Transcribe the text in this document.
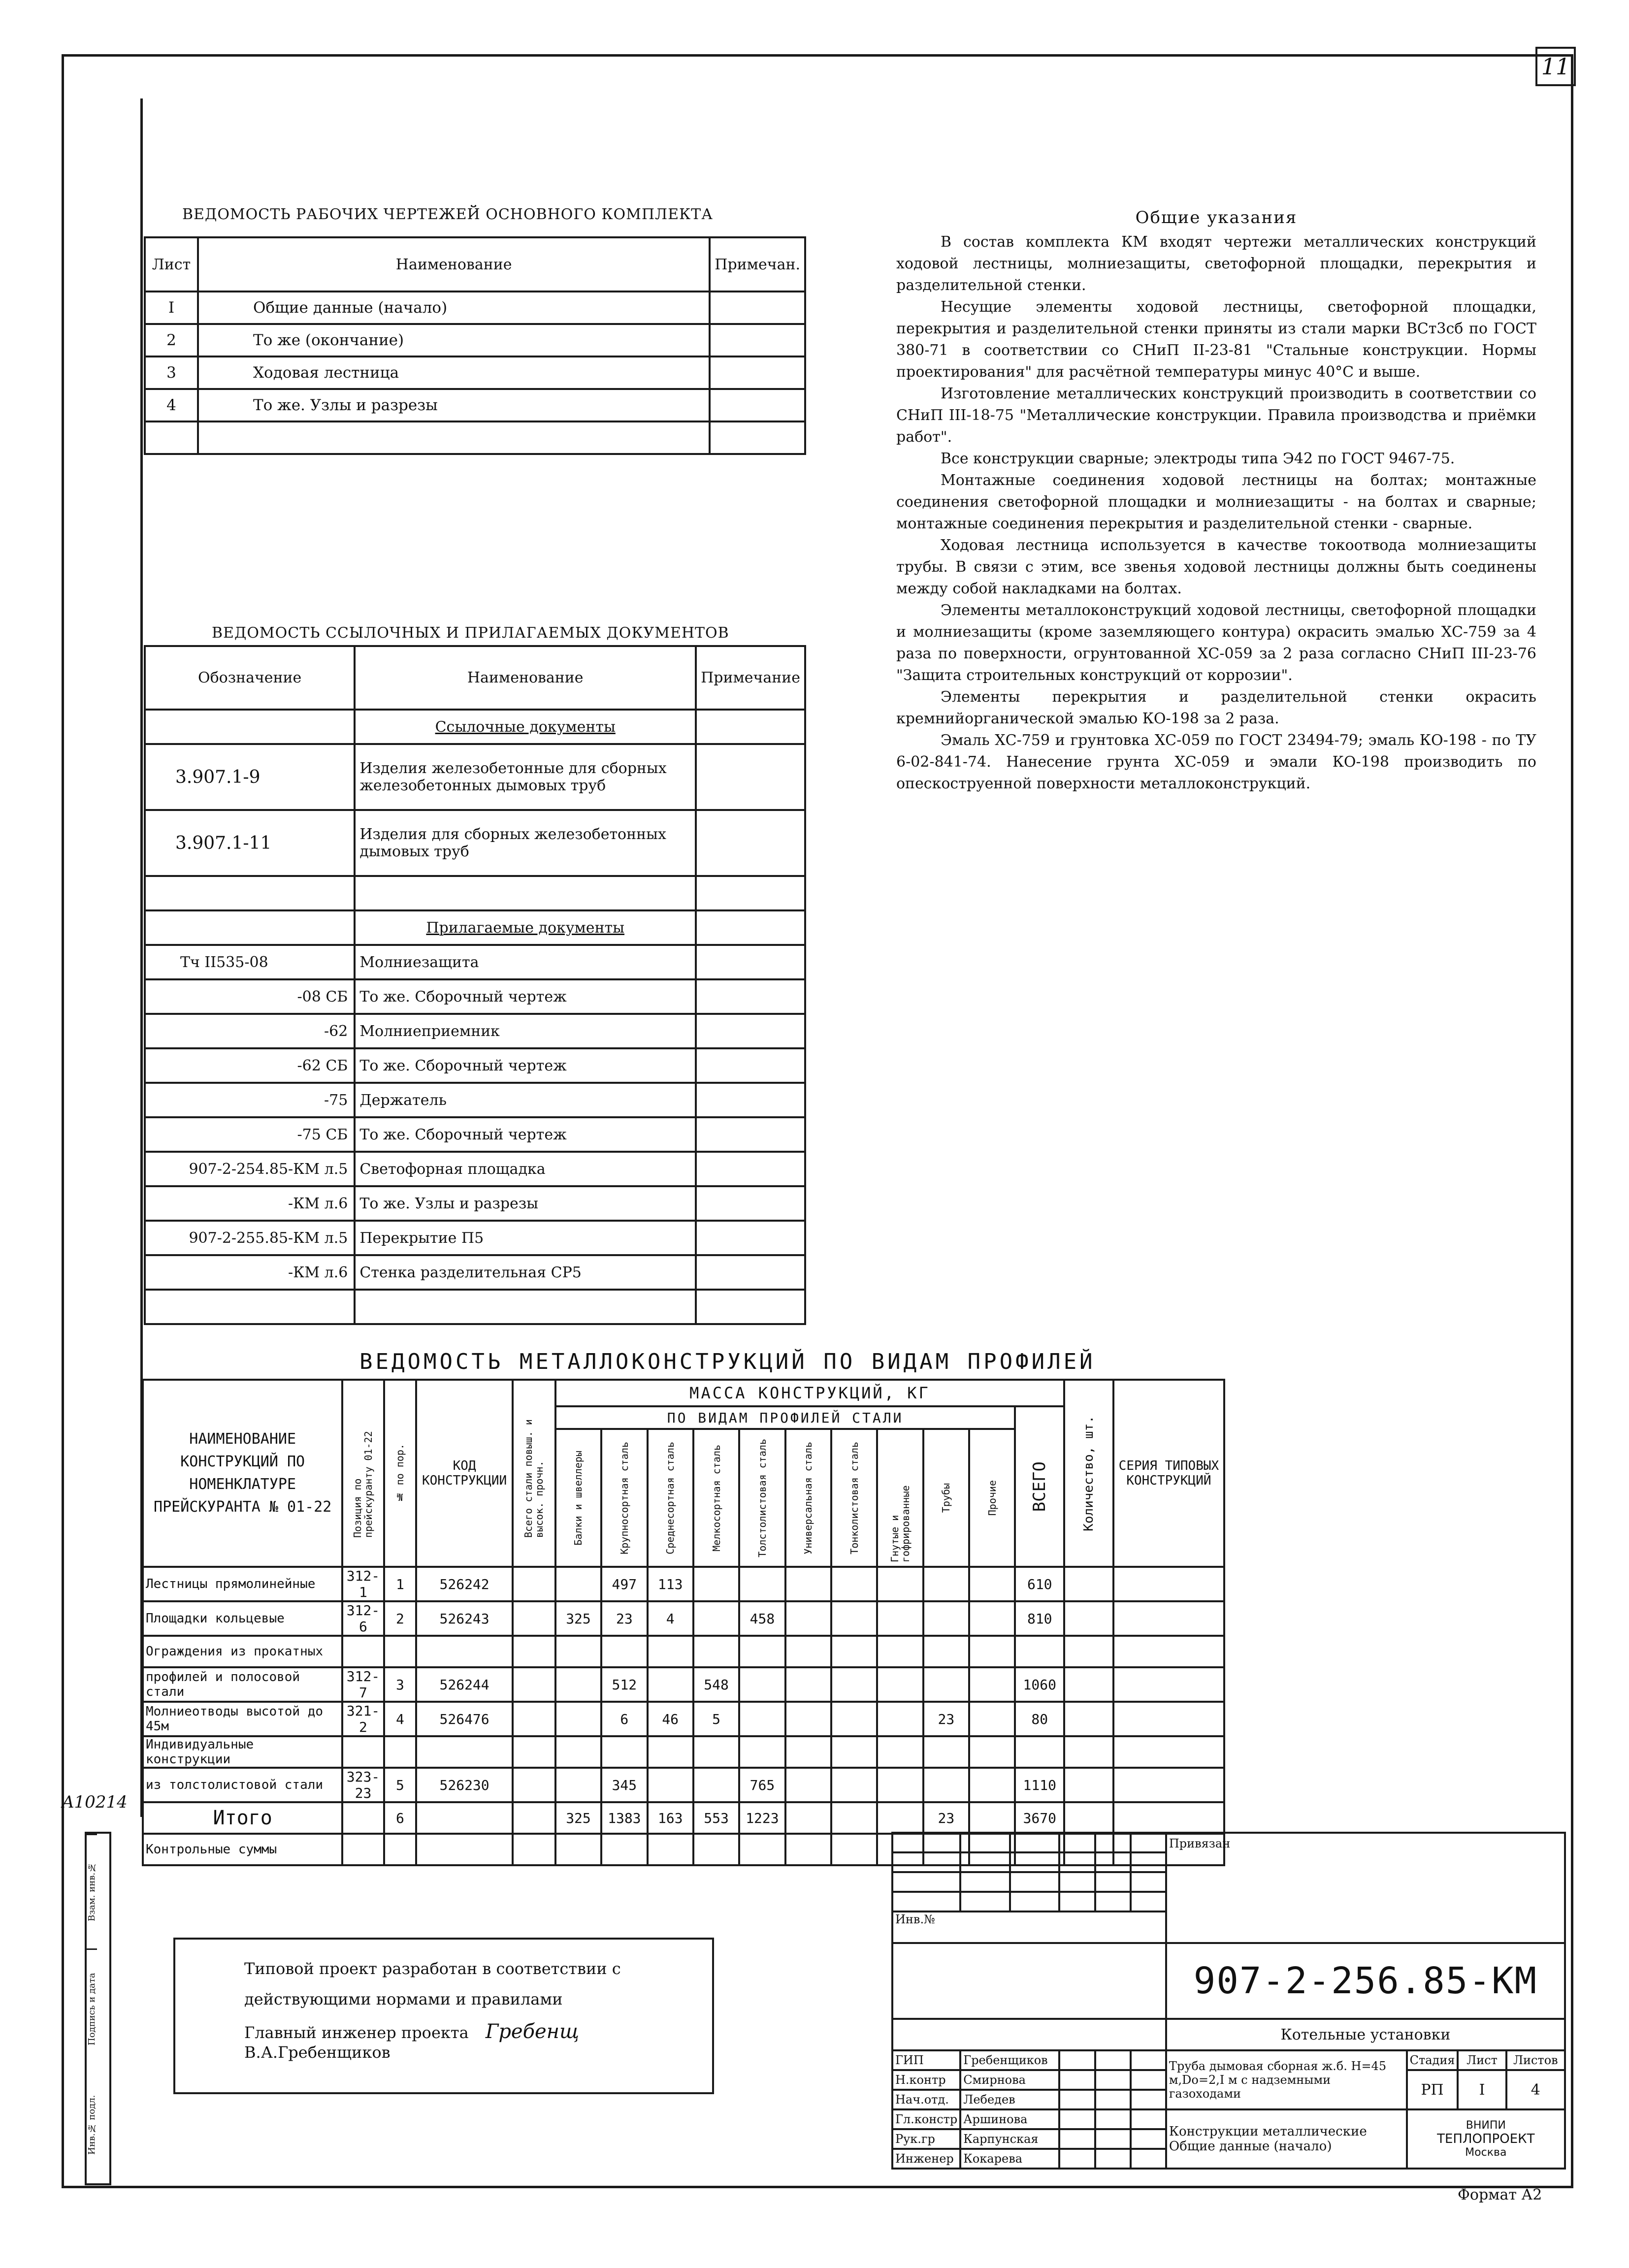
11
A10214
Взам. инв.№
Подпись и дата
Инв.№ подл.
ВЕДОМОСТЬ РАБОЧИХ ЧЕРТЕЖЕЙ ОСНОВНОГО КОМПЛЕКТА
Лист	Наименование	Примечан.
I	Общие данные (начало)	
2	То же (окончание)	
3	Ходовая лестница	
4	То же. Узлы и разрезы	

ВЕДОМОСТЬ ССЫЛОЧНЫХ И ПРИЛАГАЕМЫХ ДОКУМЕНТОВ
Обозначение	Наименование	Примечание
	Ссылочные документы	
3.907.1-9	Изделия железобетонные для сборных железобетонных дымовых труб	
3.907.1-11	Изделия для сборных железобетонных дымовых труб	

	Прилагаемые документы	
Тч II535-08	Молниезащита	
-08 СБ	То же. Сборочный чертеж	
-62	Молниеприемник	
-62 СБ	То же. Сборочный чертеж	
-75	Держатель	
-75 СБ	То же. Сборочный чертеж	
907-2-254.85-КМ л.5	Светофорная площадка	
-КМ л.6	То же. Узлы и разрезы	
907-2-255.85-КМ л.5	Перекрытие П5	
-КМ л.6	Стенка разделительная СР5	

Общие указания

В состав комплекта КМ входят чертежи металлических конструкций ходовой лестницы, молниезащиты, светофорной площадки, перекрытия и разделительной стенки.

Несущие элементы ходовой лестницы, светофорной площадки, перекрытия и разделительной стенки приняты из стали марки ВСт3сб по ГОСТ 380-71 в соответствии со СНиП II-23-81 "Стальные конструкции. Нормы проектирования" для расчётной температуры минус 40°С и выше.

Изготовление металлических конструкций производить в соответствии со СНиП III-18-75 "Металлические конструкции. Правила производства и приёмки работ".

Все конструкции сварные; электроды типа Э42 по ГОСТ 9467-75.

Монтажные соединения ходовой лестницы на болтах; монтажные соединения светофорной площадки и молниезащиты - на болтах и сварные; монтажные соединения перекрытия и разделительной стенки - сварные.

Ходовая лестница используется в качестве токоотвода молниезащиты трубы. В связи с этим, все звенья ходовой лестницы должны быть соединены между собой накладками на болтах.

Элементы металлоконструкций ходовой лестницы, светофорной площадки и молниезащиты (кроме заземляющего контура) окрасить эмалью ХС-759 за 4 раза по поверхности, огрунтованной ХС-059 за 2 раза согласно СНиП III-23-76 "Защита строительных конструкций от коррозии".

Элементы перекрытия и разделительной стенки окрасить кремнийорганической эмалью КО-198 за 2 раза.

Эмаль ХС-759 и грунтовка ХС-059 по ГОСТ 23494-79; эмаль КО-198 - по ТУ 6-02-841-74. Нанесение грунта ХС-059 и эмали КО-198 производить по опескоструенной поверхности металлоконструкций.

ВЕДОМОСТЬ МЕТАЛЛОКОНСТРУКЦИЙ ПО ВИДАМ ПРОФИЛЕЙ
НАИМЕНОВАНИЕ КОНСТРУКЦИЙ ПО НОМЕНКЛАТУРЕ ПРЕЙСКУРАНТА № 01-22	Позиция по прейскуранту 01-22	№ по пор.	КОД КОНСТРУКЦИИ	Всего стали повыш. и высок. прочн.	МАССА КОНСТРУКЦИЙ, КГ											Количество, шт.	СЕРИЯ ТИПОВЫХ КОНСТРУКЦИЙ
					ПО ВИДАМ ПРОФИЛЕЙ СТАЛИ										ВСЕГО		

					Балки и швеллеры	Крупносортная сталь	Среднесортная сталь	Мелкосортная сталь	Толстолистовая сталь	Универсальная сталь	Тонколистовая сталь	Гнутые и гофрированные	Трубы	Прочие			

Лестницы прямолинейные	312-1	1	526242			497	113								610		
Площадки кольцевые	312-6	2	526243		325	23	4		458						810		
Ограждения из прокатных																	
профилей и полосовой стали	312-7	3	526244			512		548							1060		
Молниеотводы высотой до 45м	321-2	4	526476			6	46	5					23		80		
Индивидуальные конструкции																	
из толстолистовой стали	323-23	5	526230			345			765						1110		
Итого		6			325	1383	163	553	1223				23		3670		
Контрольные суммы																	
Типовой проект разработан в соответствии с
действующими нормами и правилами
Главный инженер проекта Гребенщ В.А.Гребенщиков
						Привязан			

Инв.№									
						907-2-256.85-КМ			
						Котельные установки			
ГИП	Гребенщиков					Труба дымовая сборная ж.б. Н=45 м,Dо=2,I м с надземными газоходами	Стадия	Лист	Листов
Н.контр	Смирнова						РП	I	4
Нач.отд.	Лебедев								
Гл.констр	Аршинова					Конструкции металлические Общие данные (начало)	ВНИПИ
ТЕПЛОПРОЕКТ
Москва		

Рук.гр	Карпунская								
Инженер	Кокарева								
Формат А2
